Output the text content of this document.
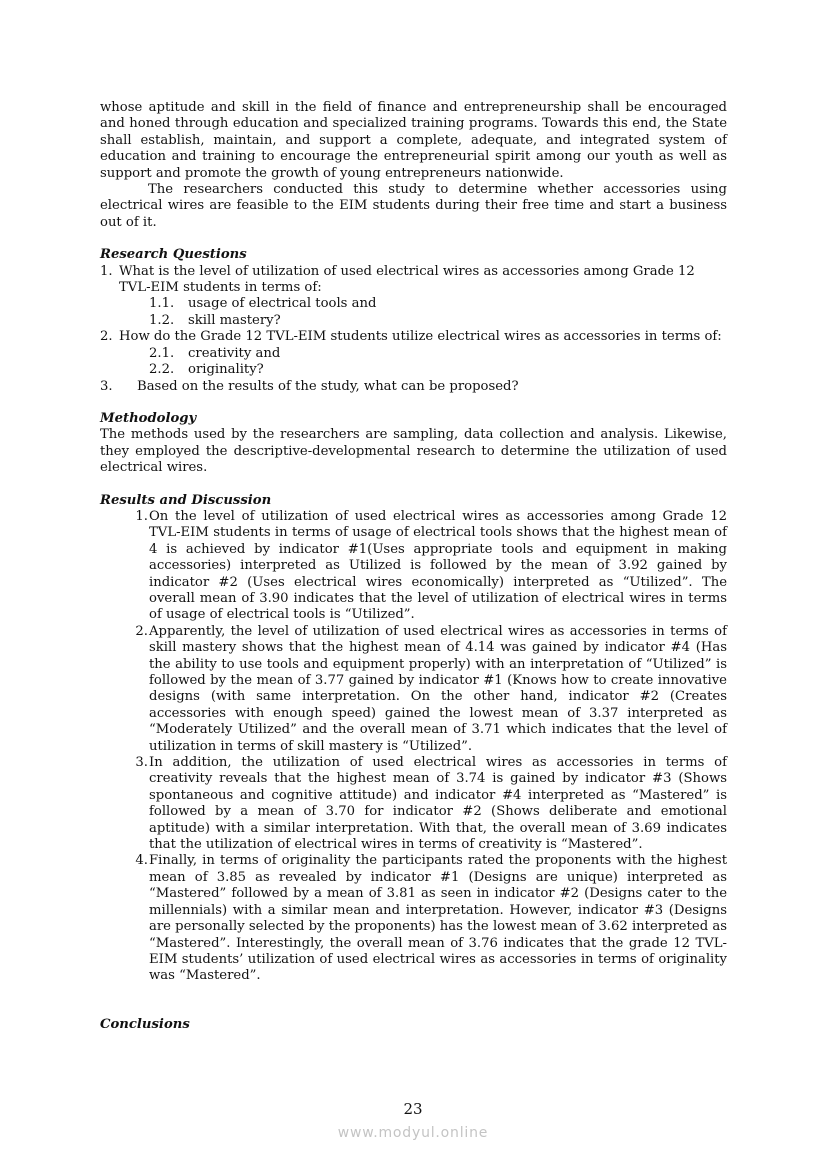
whose aptitude and skill in the field of finance and entrepreneurship shall be encouraged and honed through education and specialized training programs. Towards this end, the State shall establish, maintain, and support a complete, adequate, and integrated system of education and training to encourage the entrepreneurial spirit among our youth as well as support and promote the growth of young entrepreneurs nationwide.

The researchers conducted this study to determine whether accessories using electrical wires are feasible to the EIM students during their free time and start a business out of it.

Research Questions
1. What is the level of utilization of used electrical wires as accessories among Grade 12
TVL-EIM students in terms of:
1.1.	usage of electrical tools and
1.2.	skill mastery?
2. How do the Grade 12 TVL-EIM students utilize electrical wires as accessories in terms of:
2.1.	creativity and
2.2.	originality?
3.	Based on the results of the study, what can be proposed?
Methodology

The methods used by the researchers are sampling, data collection and analysis. Likewise, they employed the descriptive-developmental research to determine the utilization of used electrical wires.

Results and Discussion
1. On the level of utilization of used electrical wires as accessories among Grade 12 TVL-EIM students in terms of usage of electrical tools shows that the highest mean of 4 is achieved by indicator #1(Uses appropriate tools and equipment in making accessories) interpreted as Utilized is followed by the mean of 3.92 gained by indicator #2 (Uses electrical wires economically) interpreted as “Utilized”. The overall mean of 3.90 indicates that the level of utilization of electrical wires in terms of usage of electrical tools is “Utilized”.
2. Apparently, the level of utilization of used electrical wires as accessories in terms of skill mastery shows that the highest mean of 4.14 was gained by indicator #4 (Has the ability to use tools and equipment properly) with an interpretation of “Utilized” is followed by the mean of 3.77 gained by indicator #1 (Knows how to create innovative designs (with same interpretation. On the other hand, indicator #2 (Creates accessories with enough speed) gained the lowest mean of 3.37 interpreted as “Moderately Utilized” and the overall mean of 3.71 which indicates that the level of utilization in terms of skill mastery is “Utilized”.
3. In addition, the utilization of used electrical wires as accessories in terms of creativity reveals that the highest mean of 3.74 is gained by indicator #3 (Shows spontaneous and cognitive attitude) and indicator #4 interpreted as “Mastered” is followed by a mean of 3.70 for indicator #2 (Shows deliberate and emotional aptitude) with a similar interpretation. With that, the overall mean of 3.69 indicates that the utilization of electrical wires in terms of creativity is “Mastered”.
4. Finally, in terms of originality the participants rated the proponents with the highest mean of 3.85 as revealed by indicator #1 (Designs are unique) interpreted as “Mastered” followed by a mean of 3.81 as seen in indicator #2 (Designs cater to the millennials) with a similar mean and interpretation. However, indicator #3 (Designs are personally selected by the proponents) has the lowest mean of 3.62 interpreted as “Mastered”. Interestingly, the overall mean of 3.76 indicates that the grade 12 TVL-EIM students’ utilization of used electrical wires as accessories in terms of originality was “Mastered”.
Conclusions
23
www.modyul.online
